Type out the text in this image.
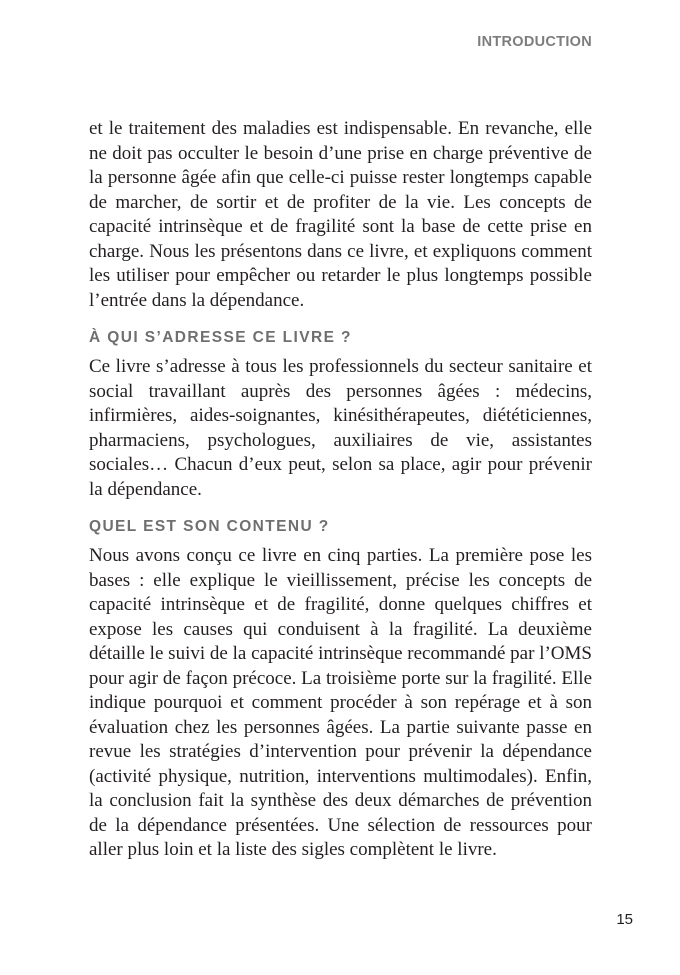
INTRODUCTION

et le traitement des maladies est indispensable. En revanche, elle ne doit pas occulter le besoin d’une prise en charge préventive de la personne âgée afin que celle-ci puisse rester longtemps capable de marcher, de sortir et de profiter de la vie. Les concepts de capacité intrinsèque et de fragilité sont la base de cette prise en charge. Nous les présentons dans ce livre, et expliquons comment les utiliser pour empêcher ou retarder le plus longtemps possible l’entrée dans la dépendance.

À QUI S’ADRESSE CE LIVRE ?

Ce livre s’adresse à tous les professionnels du secteur sanitaire et social travaillant auprès des personnes âgées : médecins, infirmières, aides-soignantes, kinésithérapeutes, diététiciennes, pharmaciens, psychologues, auxiliaires de vie, assistantes sociales… Chacun d’eux peut, selon sa place, agir pour prévenir la dépendance.

QUEL EST SON CONTENU ?

Nous avons conçu ce livre en cinq parties. La première pose les bases : elle explique le vieillissement, précise les concepts de capacité intrinsèque et de fragilité, donne quelques chiffres et expose les causes qui conduisent à la fragilité. La deuxième détaille le suivi de la capacité intrinsèque recommandé par l’OMS pour agir de façon précoce. La troisième porte sur la fragilité. Elle indique pourquoi et comment procéder à son repérage et à son évaluation chez les personnes âgées. La partie suivante passe en revue les stratégies d’intervention pour prévenir la dépendance (activité physique, nutrition, interventions multimodales). Enfin, la conclusion fait la synthèse des deux démarches de prévention de la dépendance présentées. Une sélection de ressources pour aller plus loin et la liste des sigles complètent le livre.

15
